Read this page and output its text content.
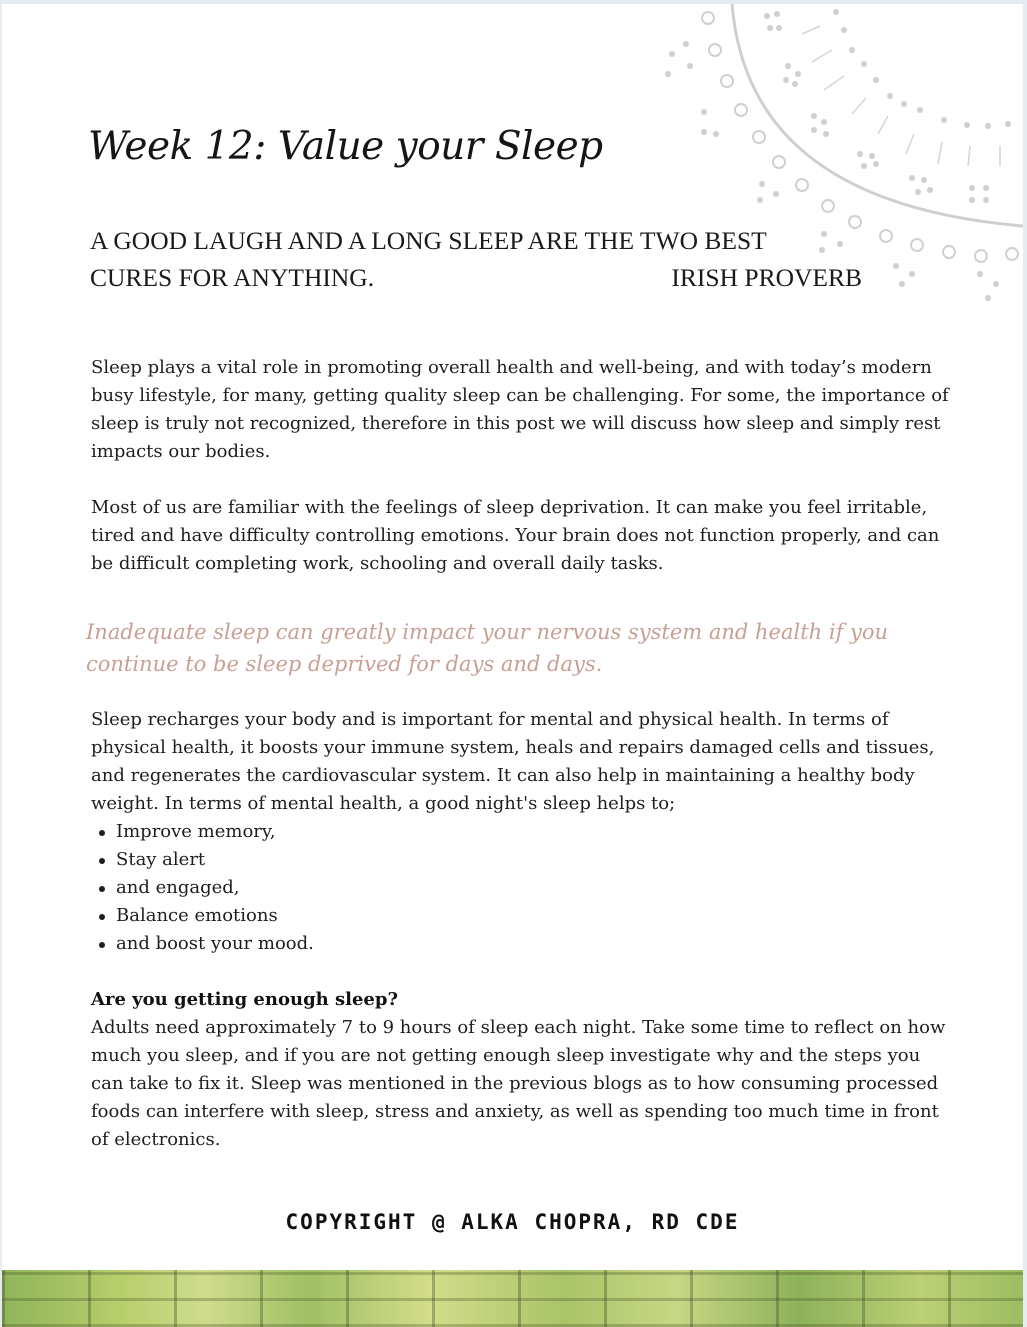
Week 12: Value your Sleep
A GOOD LAUGH AND A LONG SLEEP ARE THE TWO BEST
CURES FOR ANYTHING.	IRISH PROVERB

Sleep plays a vital role in promoting overall health and well-being, and with today’s modern busy lifestyle, for many, getting quality sleep can be challenging. For some, the importance of sleep is truly not recognized, therefore in this post we will discuss how sleep and simply rest impacts our bodies.

Most of us are familiar with the feelings of sleep deprivation. It can make you feel irritable, tired and have difficulty controlling emotions. Your brain does not function properly, and can be difficult completing work, schooling and overall daily tasks.

Inadequate sleep can greatly impact your nervous system and health if you continue to be sleep deprived for days and days.

Sleep recharges your body and is important for mental and physical health. In terms of physical health, it boosts your immune system, heals and repairs damaged cells and tissues, and regenerates the cardiovascular system. It can also help in maintaining a healthy body weight. In terms of mental health, a good night's sleep helps to;

Improve memory,
Stay alert
and engaged,
Balance emotions
and boost your mood.

Are you getting enough sleep?

Adults need approximately 7 to 9 hours of sleep each night. Take some time to reflect on how much you sleep, and if you are not getting enough sleep investigate why and the steps you can take to fix it. Sleep was mentioned in the previous blogs as to how consuming processed foods can interfere with sleep, stress and anxiety, as well as spending too much time in front of electronics.

COPYRIGHT @ ALKA CHOPRA, RD CDE
